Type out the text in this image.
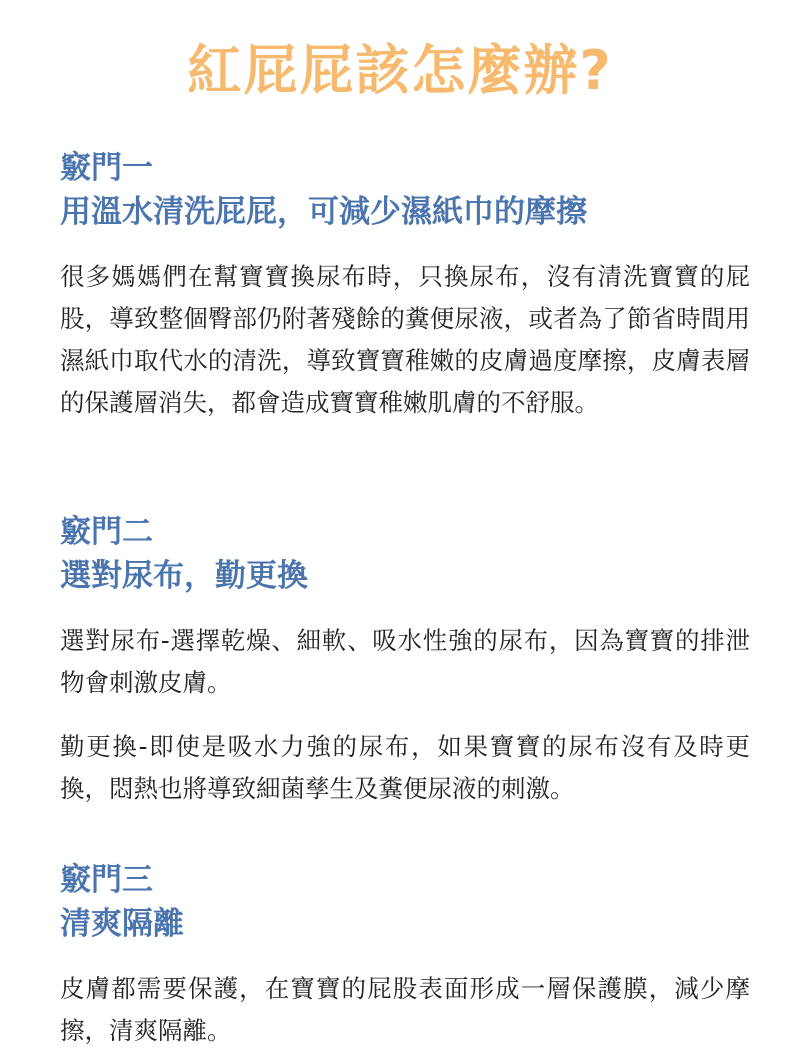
紅屁屁該怎麼辦?

竅門一

用溫水清洗屁屁，可減少濕紙巾的摩擦

很多媽媽們在幫寶寶換尿布時，只換尿布，沒有清洗寶寶的屁股，導致整個臀部仍附著殘餘的糞便尿液，或者為了節省時間用濕紙巾取代水的清洗，導致寶寶稚嫩的皮膚過度摩擦，皮膚表層的保護層消失，都會造成寶寶稚嫩肌膚的不舒服。

竅門二

選對尿布，勤更換

選對尿布-選擇乾燥、細軟、吸水性強的尿布，因為寶寶的排泄物會刺激皮膚。

勤更換-即使是吸水力強的尿布，如果寶寶的尿布沒有及時更換，悶熱也將導致細菌孳生及糞便尿液的刺激。

竅門三

清爽隔離

皮膚都需要保護，在寶寶的屁股表面形成一層保護膜，減少摩擦，清爽隔離。
